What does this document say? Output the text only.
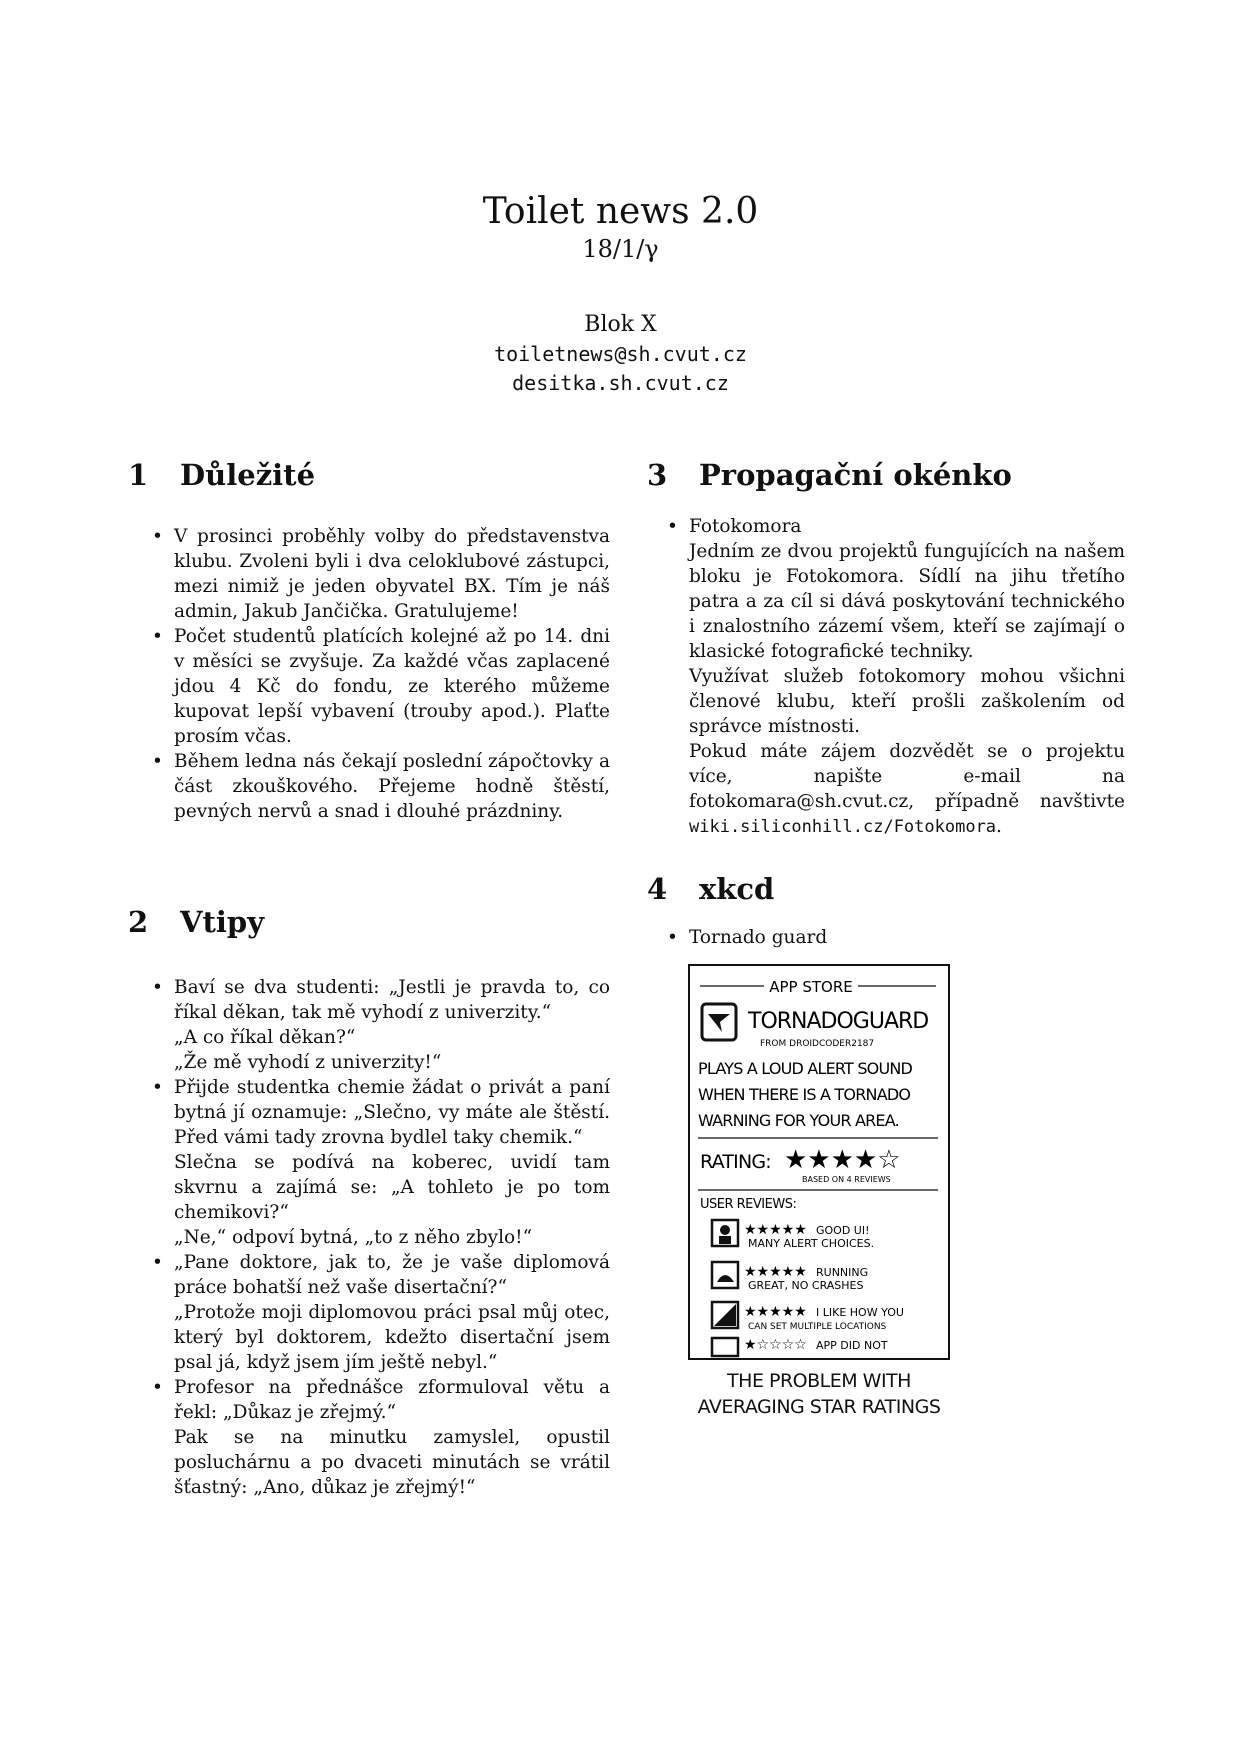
Toilet news 2.0
18/1/γ
Blok X
toiletnews@sh.cvut.cz
desitka.sh.cvut.cz
1 Důležité
• V prosinci proběhly volby do představenstva klubu. Zvoleni byli i dva celoklubové zástupci, mezi nimiž je jeden obyvatel BX. Tím je náš admin, Jakub Jančička. Gratulujeme!
• Počet studentů platících kolejné až po 14. dni v měsíci se zvyšuje. Za každé včas zaplacené jdou 4 Kč do fondu, ze kterého můžeme kupovat lepší vybavení (trouby apod.). Plaťte prosím včas.
• Během ledna nás čekají poslední zápočtovky a část zkouškového. Přejeme hodně štěstí, pevných nervů a snad i dlouhé prázdniny.
2 Vtipy
• Baví se dva studenti: „Jestli je pravda to, co říkal děkan, tak mě vyhodí z univerzity.“
„A co říkal děkan?“
„Že mě vyhodí z univerzity!“
• Přijde studentka chemie žádat o privát a paní bytná jí oznamuje: „Slečno, vy máte ale štěstí. Před vámi tady zrovna bydlel taky chemik.“
Slečna se podívá na koberec, uvidí tam skvrnu a zajímá se: „A tohleto je po tom chemikovi?“
„Ne,“ odpoví bytná, „to z něho zbylo!“
• „Pane doktore, jak to, že je vaše diplomová práce bohatší než vaše disertační?“
„Protože moji diplomovou práci psal můj otec, který byl doktorem, kdežto disertační jsem psal já, když jsem jím ještě nebyl.“
• Profesor na přednášce zformuloval větu a řekl: „Důkaz je zřejmý.“
Pak se na minutku zamyslel, opustil posluchárnu a po dvaceti minutách se vrátil šťastný: „Ano, důkaz je zřejmý!“
3 Propagační okénko
• Fotokomora
Jedním ze dvou projektů fungujících na našem bloku je Fotokomora. Sídlí na jihu třetího patra a za cíl si dává poskytování technického i znalostního zázemí všem, kteří se zajímají o klasické fotografické techniky.
Využívat služeb fotokomory mohou všichni členové klubu, kteří prošli zaškolením od správce místnosti.
Pokud máte zájem dozvědět se o projektu více, napište e-mail na fotokomara@sh.cvut.cz, případně navštivte wiki.siliconhill.cz/Fotokomora.
4 xkcd
• Tornado guard
APP STORE
TORNADOGUARD
FROM DROIDCODER2187
PLAYS A LOUD ALERT SOUND WHEN THERE IS A TORNADO WARNING FOR YOUR AREA.
RATING: ★★★★☆
BASED ON 4 REVIEWS
USER REVIEWS:
★★★★★ GOOD UI!
MANY ALERT CHOICES.
★★★★★ RUNNING
GREAT, NO CRASHES
★★★★★ I LIKE HOW YOU
CAN SET MULTIPLE LOCATIONS
★☆☆☆☆ APP DID NOT
THE PROBLEM WITH AVERAGING STAR RATINGS
